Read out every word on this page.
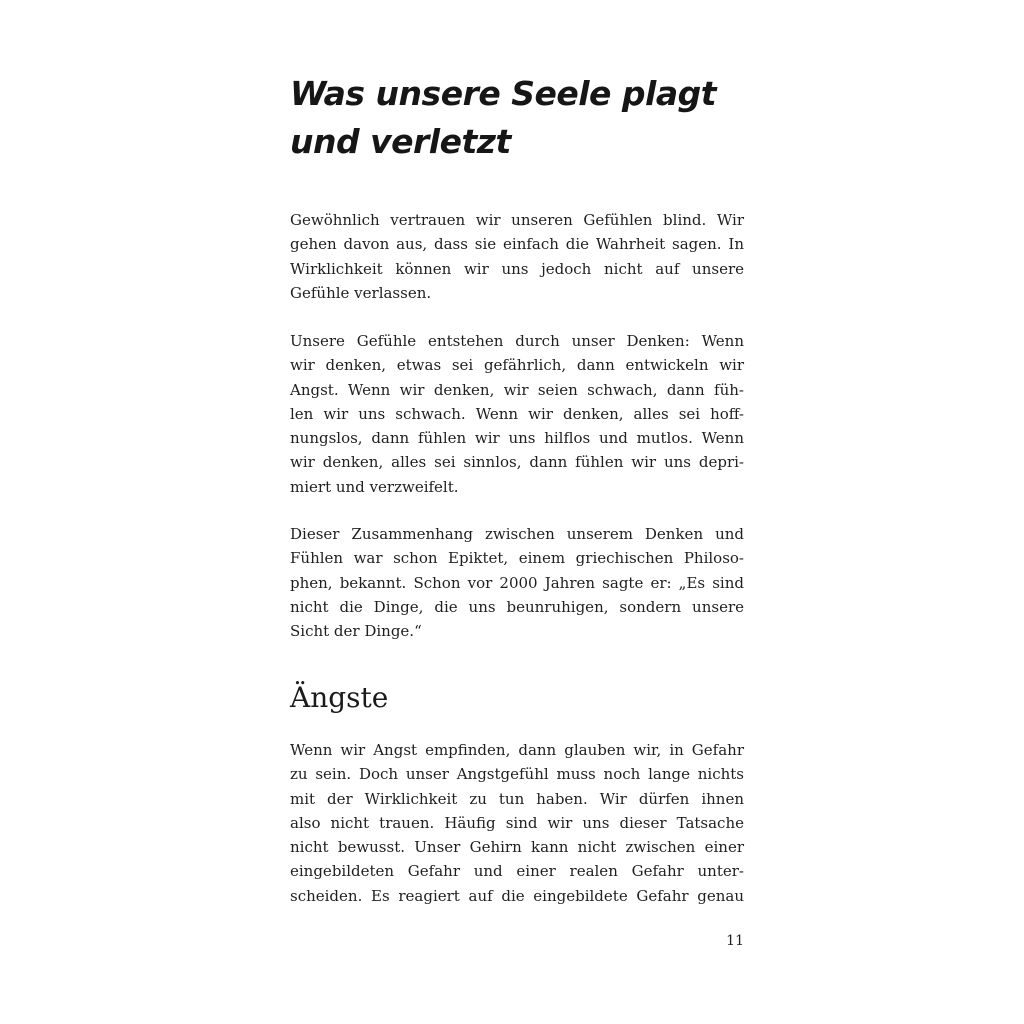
Was unsere Seele plagt
und verletzt

Gewöhnlich vertrauen wir unseren Gefühlen blind. Wir
gehen davon aus, dass sie einfach die Wahrheit sagen. In
Wirklichkeit können wir uns jedoch nicht auf unsere
Gefühle verlassen.

Unsere Gefühle entstehen durch unser Denken: Wenn
wir denken, etwas sei gefährlich, dann entwickeln wir
Angst. Wenn wir denken, wir seien schwach, dann füh-
len wir uns schwach. Wenn wir denken, alles sei hoff-
nungslos, dann fühlen wir uns hilflos und mutlos. Wenn
wir denken, alles sei sinnlos, dann fühlen wir uns depri-
miert und verzweifelt.

Dieser Zusammenhang zwischen unserem Denken und
Fühlen war schon Epiktet, einem griechischen Philoso-
phen, bekannt. Schon vor 2000 Jahren sagte er: „Es sind
nicht die Dinge, die uns beunruhigen, sondern unsere
Sicht der Dinge.“

Ängste

Wenn wir Angst empfinden, dann glauben wir, in Gefahr
zu sein. Doch unser Angstgefühl muss noch lange nichts
mit der Wirklichkeit zu tun haben. Wir dürfen ihnen
also nicht trauen. Häufig sind wir uns dieser Tatsache
nicht bewusst. Unser Gehirn kann nicht zwischen einer
eingebildeten Gefahr und einer realen Gefahr unter-
scheiden. Es reagiert auf die eingebildete Gefahr genau

11
